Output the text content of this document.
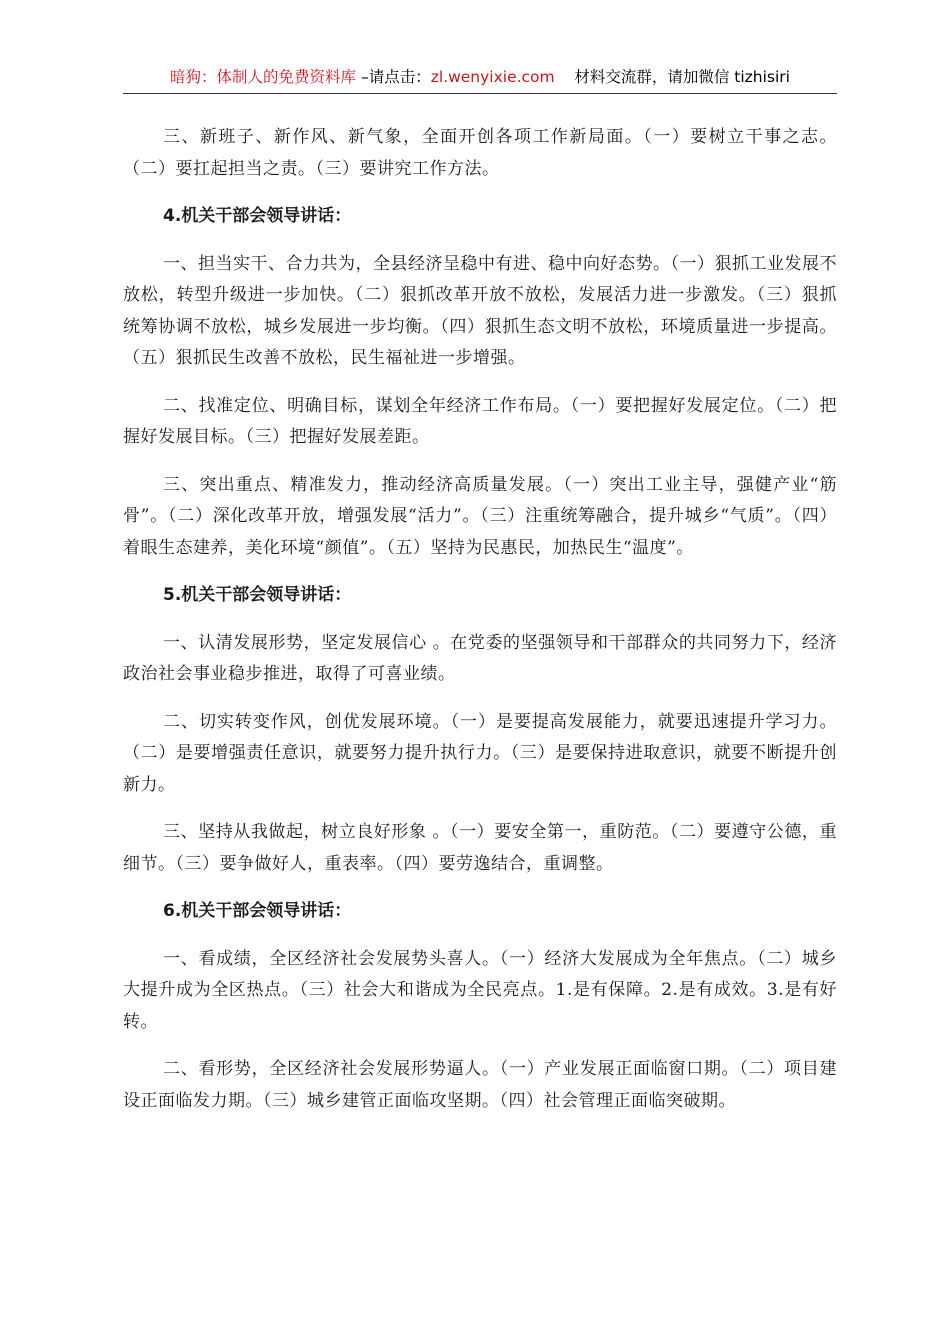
暗狗：体制人的免费资料库 –请点击：zl.wenyixie.com    材料交流群，请加微信 tizhisiri

三、新班子、新作风、新气象，全面开创各项工作新局面。（一）要树立干事之志。（二）要扛起担当之责。（三）要讲究工作方法。

4.机关干部会领导讲话：

一、担当实干、合力共为，全县经济呈稳中有进、稳中向好态势。（一）狠抓工业发展不放松，转型升级进一步加快。（二）狠抓改革开放不放松，发展活力进一步激发。（三）狠抓统筹协调不放松，城乡发展进一步均衡。（四）狠抓生态文明不放松，环境质量进一步提高。（五）狠抓民生改善不放松，民生福祉进一步增强。

二、找准定位、明确目标，谋划全年经济工作布局。（一）要把握好发展定位。（二）把握好发展目标。（三）把握好发展差距。

三、突出重点、精准发力，推动经济高质量发展。（一）突出工业主导，强健产业“筋骨”。（二）深化改革开放，增强发展“活力”。（三）注重统筹融合，提升城乡“气质”。（四）着眼生态建养，美化环境“颜值”。（五）坚持为民惠民，加热民生“温度”。

5.机关干部会领导讲话：

一、认清发展形势，坚定发展信心 。在党委的坚强领导和干部群众的共同努力下，经济政治社会事业稳步推进，取得了可喜业绩。

二、切实转变作风，创优发展环境。（一）是要提高发展能力，就要迅速提升学习力。（二）是要增强责任意识，就要努力提升执行力。（三）是要保持进取意识，就要不断提升创新力。

三、坚持从我做起，树立良好形象 。（一）要安全第一，重防范。（二）要遵守公德，重细节。（三）要争做好人，重表率。（四）要劳逸结合，重调整。

6.机关干部会领导讲话：

一、看成绩，全区经济社会发展势头喜人。（一）经济大发展成为全年焦点。（二）城乡大提升成为全区热点。（三）社会大和谐成为全民亮点。1.是有保障。2.是有成效。3.是有好转。

二、看形势，全区经济社会发展形势逼人。（一）产业发展正面临窗口期。（二）项目建设正面临发力期。（三）城乡建管正面临攻坚期。（四）社会管理正面临突破期。
